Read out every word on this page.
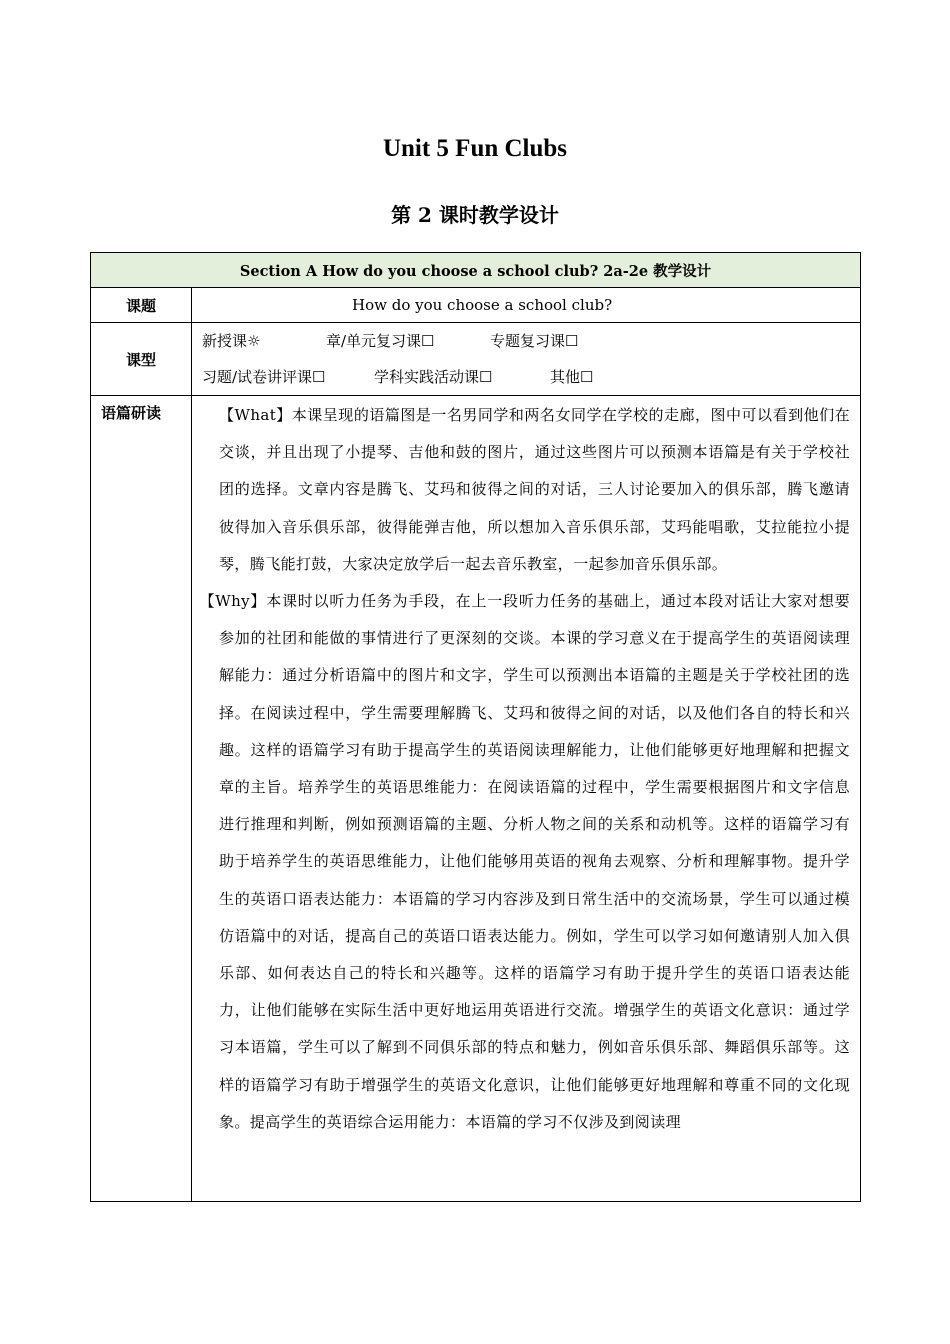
Unit 5 Fun Clubs
第 2 课时教学设计
Section A How do you choose a school club? 2a-2e 教学设计	
课题	How do you choose a school club?
课型	新授课☼ 章/单元复习课☐ 专题复习课☐
习题/试卷讲评课☐ 学科实践活动课☐ 其他☐

语篇研读	【What】本课呈现的语篇图是一名男同学和两名女同学在学校的走廊，图中可以看到他们在交谈，并且出现了小提琴、吉他和鼓的图片，通过这些图片可以预测本语篇是有关于学校社团的选择。文章内容是腾飞、艾玛和彼得之间的对话，三人讨论要加入的俱乐部，腾飞邀请彼得加入音乐俱乐部，彼得能弹吉他，所以想加入音乐俱乐部，艾玛能唱歌，艾拉能拉小提琴，腾飞能打鼓，大家决定放学后一起去音乐教室，一起参加音乐俱乐部。

【Why】本课时以听力任务为手段，在上一段听力任务的基础上，通过本段对话让大家对想要参加的社团和能做的事情进行了更深刻的交谈。本课的学习意义在于提高学生的英语阅读理解能力：通过分析语篇中的图片和文字，学生可以预测出本语篇的主题是关于学校社团的选择。在阅读过程中，学生需要理解腾飞、艾玛和彼得之间的对话，以及他们各自的特长和兴趣。这样的语篇学习有助于提高学生的英语阅读理解能力，让他们能够更好地理解和把握文章的主旨。培养学生的英语思维能力：在阅读语篇的过程中，学生需要根据图片和文字信息进行推理和判断，例如预测语篇的主题、分析人物之间的关系和动机等。这样的语篇学习有助于培养学生的英语思维能力，让他们能够用英语的视角去观察、分析和理解事物。提升学生的英语口语表达能力：本语篇的学习内容涉及到日常生活中的交流场景，学生可以通过模仿语篇中的对话，提高自己的英语口语表达能力。例如，学生可以学习如何邀请别人加入俱乐部、如何表达自己的特长和兴趣等。这样的语篇学习有助于提升学生的英语口语表达能力，让他们能够在实际生活中更好地运用英语进行交流。增强学生的英语文化意识：通过学习本语篇，学生可以了解到不同俱乐部的特点和魅力，例如音乐俱乐部、舞蹈俱乐部等。这样的语篇学习有助于增强学生的英语文化意识，让他们能够更好地理解和尊重不同的文化现象。提高学生的英语综合运用能力：本语篇的学习不仅涉及到阅读理
